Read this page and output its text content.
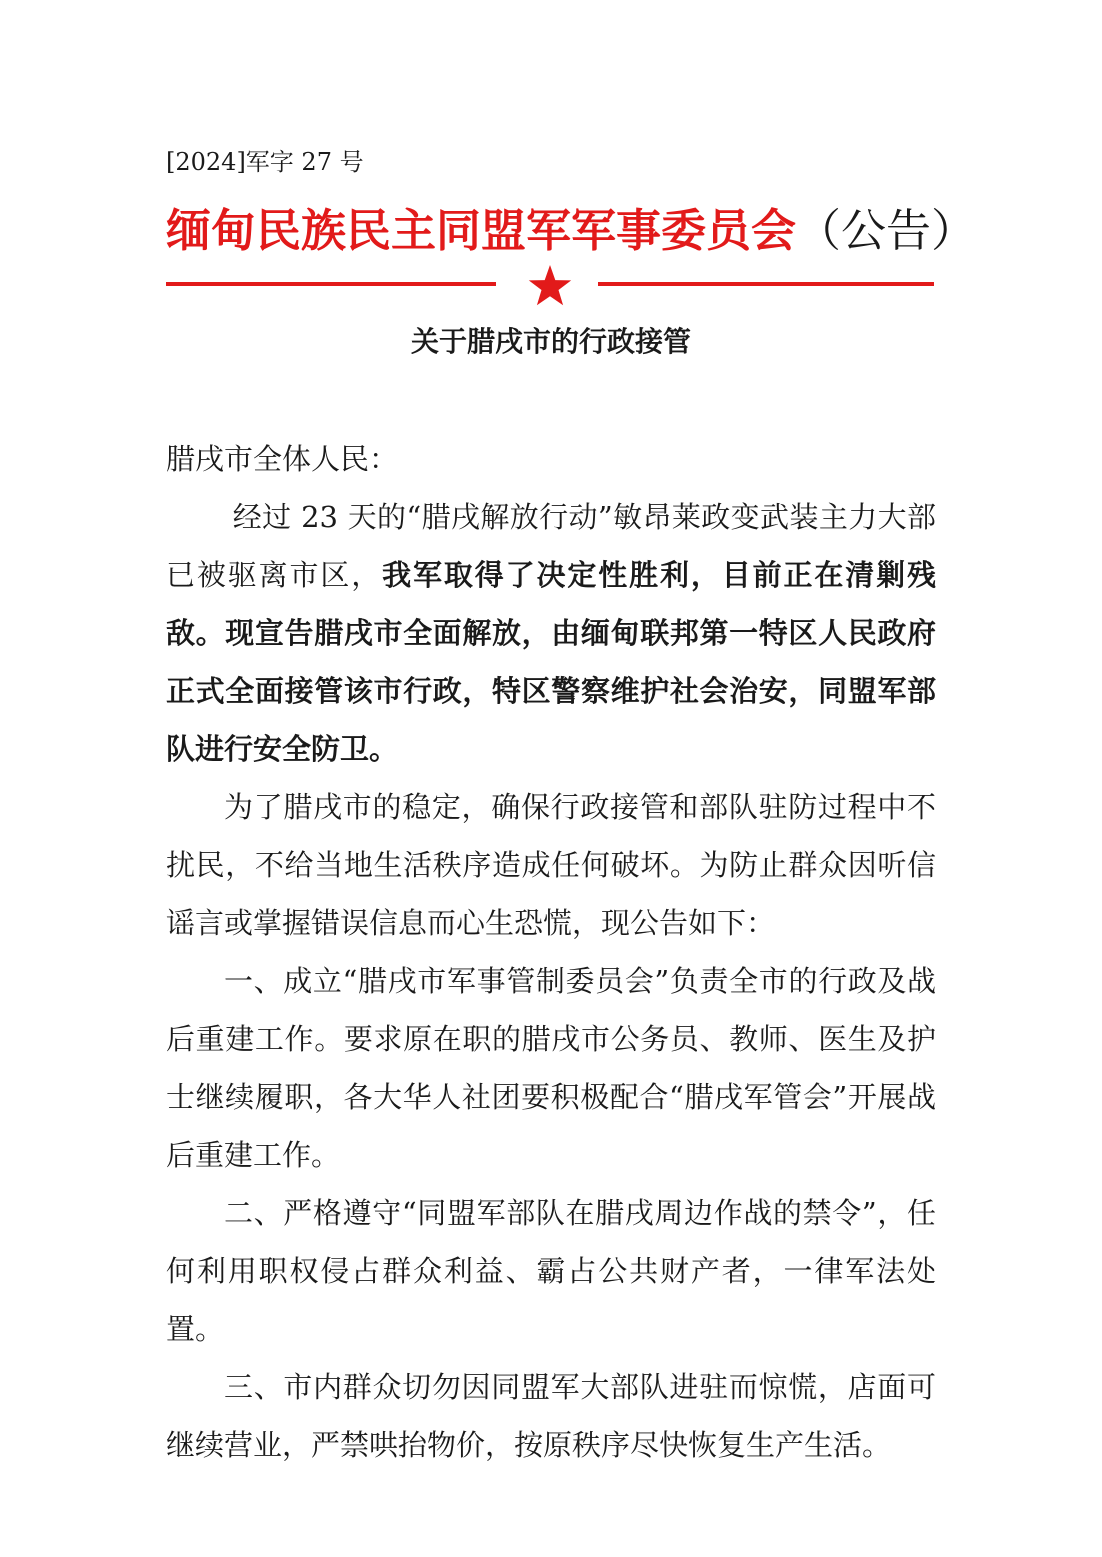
[2024]军字 27 号
缅甸民族民主同盟军军事委员会（公告）
关于腊戌市的行政接管

腊戌市全体人民：

经过 23 天的“腊戌解放行动”敏昂莱政变武装主力大部已被驱离市区，我军取得了决定性胜利，目前正在清剿残敌。现宣告腊戌市全面解放，由缅甸联邦第一特区人民政府正式全面接管该市行政，特区警察维护社会治安，同盟军部队进行安全防卫。

为了腊戌市的稳定，确保行政接管和部队驻防过程中不扰民，不给当地生活秩序造成任何破坏。为防止群众因听信谣言或掌握错误信息而心生恐慌，现公告如下：

一、成立“腊戌市军事管制委员会”负责全市的行政及战后重建工作。要求原在职的腊戌市公务员、教师、医生及护士继续履职，各大华人社团要积极配合“腊戌军管会”开展战后重建工作。

二、严格遵守“同盟军部队在腊戌周边作战的禁令”，任何利用职权侵占群众利益、霸占公共财产者，一律军法处置。

三、市内群众切勿因同盟军大部队进驻而惊慌，店面可继续营业，严禁哄抬物价，按原秩序尽快恢复生产生活。
